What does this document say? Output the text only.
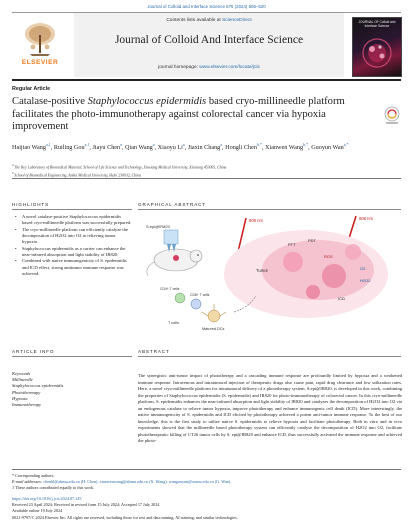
Journal of Colloid and Interface Science 676 (2024) 506–520
ELSEVIER
Contents lists available at ScienceDirect
Journal of Colloid And Interface Science
journal homepage: www.elsevier.com/locate/jcis
JOURNAL OF Colloid and Interface Science
Regular Article
Catalase-positive Staphylococcus epidermidis based cryo-millineedle platform facilitates the photo-immunotherapy against colorectal cancer via hypoxia improvement
Haijiao Wang$^{a,1}$, Ruiling Gou$^{a,1}$, Jiayu Chen$^a$, Qian Wang$^a$, Xiaoyu Li$^a$, Jiaxin Chang$^a$, Hongli Chen$^{b,*}$, Xianwen Wang$^{b,*}$, Guoyun Wan$^{a,*}$
$^a$ The Key Laboratory of Biomedical Material, School of Life Science and Technology, Xinxiang Medical University, Xinxiang 453003, China
$^b$ School of Biomedical Engineering, Anhui Medical University, Hefei 230032, China
HIGHLIGHTS	GRAPHICAL ABSTRACT
• A novel catalase-positive Staphylococcus epidermidis based cryo-millineedle platform was successfully prepared.
• The cryo-millineedle platform can efficiently catalyze the decomposition of H2O2 into O2 to relieving tumor hypoxia.
• Staphylococcus epidermidis as a carrier can enhance the near-infrared absorption and light stability of IR820.
• Combined with native immunogenicity of S. epidermidis and ICD effect, strong antitumor immune response was achieved.
S.epi@IR820
808 nm	808 nm
Tumor
ROS
O2
H2O2
PTT
PDT
ICD
CD4+ T cells
CD8+ T cells
T cells
Matured DCs
ARTICLE INFO	ABSTRACT
Keywords
Millineedle
Staphylococcus epidermidis
Photothermapy
Hypoxia
Immunotherapy
The synergistic anti-tumor impact of phototherapy and a cascading immune response are profoundly limited by hypoxia and a weakened immune response. Intravenous and intratumoral injection of therapeutic drugs also cause pain, rapid drug clearance and low utilization rates. Here, a novel cryo-millineedle platform for intratumoral delivery of a phototherapy system, S.epi@IR820, is developed in this work, combining the properties of Staphylococcus epidermidis (S. epidermidis) and IR820 for photo-immunotherapy of colorectal cancer. In this cryo-millineedle platform, S. epidermidis enhances the near-infrared absorption and light stability of IR820 and catalyzes the decomposition of H2O2 into O2 via an endogenous catalase to relieve tumor hypoxia, improve phototherapy and enhance immunogenic cell death (ICD). More interestingly, the native immunogenicity of S. epidermidis and ICD elicited by phototherapy achieved a potent anti-tumor immune response. To the best of our knowledge, this is the first study to utilize native S. epidermidis to relieve hypoxia and facilitate phototherapy. Both in vitro and in vivo experiments showed that the millineedle based phototherapy system can efficiently catalyse the decomposition of H2O2 into O2, facilitate phototherapeutic killing of CT26 tumor cells by S. epi@IR820 and enhance ICD, thus successfully activated the immune response and achieved the photo-
* Corresponding authors.
E-mail addresses: chenhl@ahmu.edu.cn (H. Chen), xianwenwang@ahmu.edu.cn (X. Wang), wanguoyun@xxmu.edu.cn (G. Wan).
1 These authors contributed equally to this work.
https://doi.org/10.1016/j.jcis.2024.07.145
Received 23 April 2024; Received in revised form 15 July 2024; Accepted 17 July 2024
Available online 19 July 2024
0021-9797/© 2024 Elsevier Inc. All rights are reserved, including those for text and data mining, AI training, and similar technologies.
